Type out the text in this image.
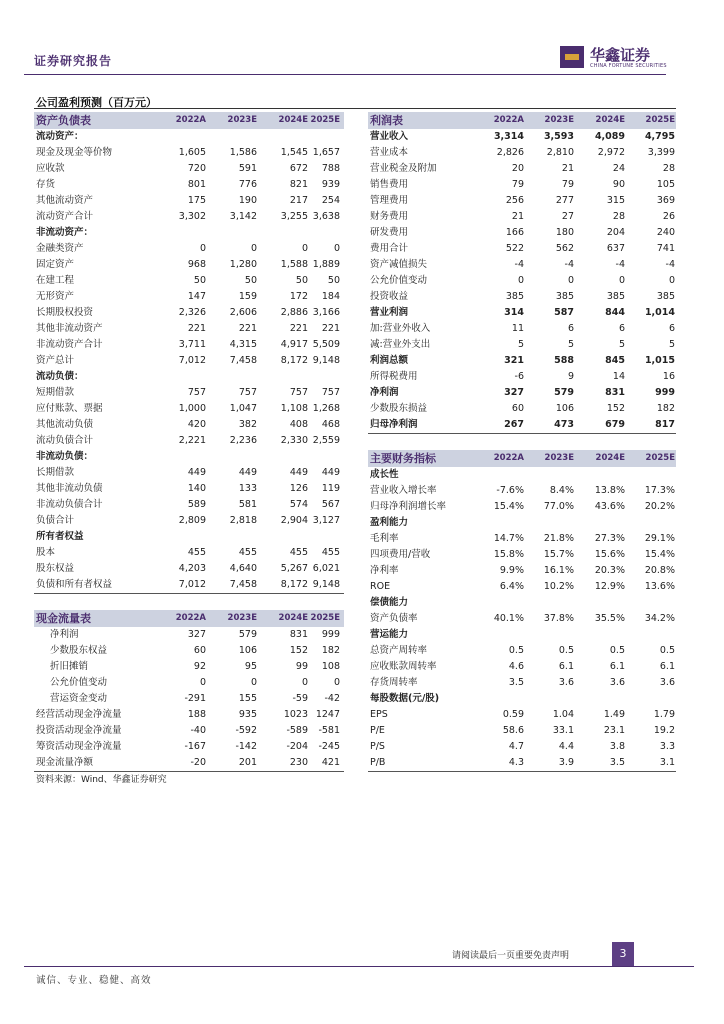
证券研究报告	华鑫证券
CHINA FORTUNE SECURITIES
公司盈利预测（百万元）
资产负债表	2022A	2023E	2024E 2025E
流动资产：
现金及现金等价物	1,605	1,586	1,545 1,657
应收款	720	591	672	788
存货	801	776	821	939
其他流动资产	175	190	217	254
流动资产合计	3,302	3,142	3,255 3,638
非流动资产：
金融类资产	0	0	0	0
固定资产	968	1,280	1,588 1,889
在建工程	50	50	50	50
无形资产	147	159	172	184
长期股权投资	2,326	2,606	2,886 3,166
其他非流动资产	221	221	221	221
非流动资产合计	3,711	4,315	4,917 5,509
资产总计	7,012	7,458	8,172 9,148
流动负债：
短期借款	757	757	757	757
应付账款、票据	1,000	1,047	1,108 1,268
其他流动负债	420	382	408	468
流动负债合计	2,221	2,236	2,330 2,559
非流动负债：
长期借款	449	449	449	449
其他非流动负债	140	133	126	119
非流动负债合计	589	581	574	567
负债合计	2,809	2,818	2,904 3,127
所有者权益
股本	455	455	455	455
股东权益	4,203	4,640	5,267 6,021
负债和所有者权益	7,012	7,458	8,172 9,148
利润表	2022A	2023E	2024E	2025E
营业收入	3,314	3,593	4,089	4,795
营业成本	2,826	2,810	2,972	3,399
营业税金及附加	20	21	24	28
销售费用	79	79	90	105
管理费用	256	277	315	369
财务费用	21	27	28	26
研发费用	166	180	204	240
费用合计	522	562	637	741
资产减值损失	-4	-4	-4	-4
公允价值变动	0	0	0	0
投资收益	385	385	385	385
营业利润	314	587	844	1,014
加:营业外收入	11	6	6	6
减:营业外支出	5	5	5	5
利润总额	321	588	845	1,015
所得税费用	-6	9	14	16
净利润	327	579	831	999
少数股东损益	60	106	152	182
归母净利润	267	473	679	817
主要财务指标	2022A	2023E	2024E	2025E
成长性
营业收入增长率	-7.6%	8.4%	13.8%	17.3%
归母净利润增长率	15.4%	77.0%	43.6%	20.2%
盈利能力
毛利率	14.7%	21.8%	27.3%	29.1%
四项费用/营收	15.8%	15.7%	15.6%	15.4%
净利率	9.9%	16.1%	20.3%	20.8%
ROE	6.4%	10.2%	12.9%	13.6%
偿债能力
资产负债率	40.1%	37.8%	35.5%	34.2%
营运能力
总资产周转率	0.5	0.5	0.5	0.5
应收账款周转率	4.6	6.1	6.1	6.1
存货周转率	3.5	3.6	3.6	3.6
每股数据(元/股)
EPS	0.59	1.04	1.49	1.79
P/E	58.6	33.1	23.1	19.2
P/S	4.7	4.4	3.8	3.3
P/B	4.3	3.9	3.5	3.1
现金流量表	2022A	2023E	2024E 2025E
净利润	327	579	831	999
少数股东权益	60	106	152	182
折旧摊销	92	95	99	108
公允价值变动	0	0	0	0
营运资金变动	-291	155	-59	-42
经营活动现金净流量	188	935	1023 1247
投资活动现金净流量	-40	-592	-589	-581
筹资活动现金净流量	-167	-142	-204	-245
现金流量净额	-20	201	230	421
资料来源：Wind、华鑫证券研究
请阅读最后一页重要免责声明	3
诚信、专业、稳健、高效
